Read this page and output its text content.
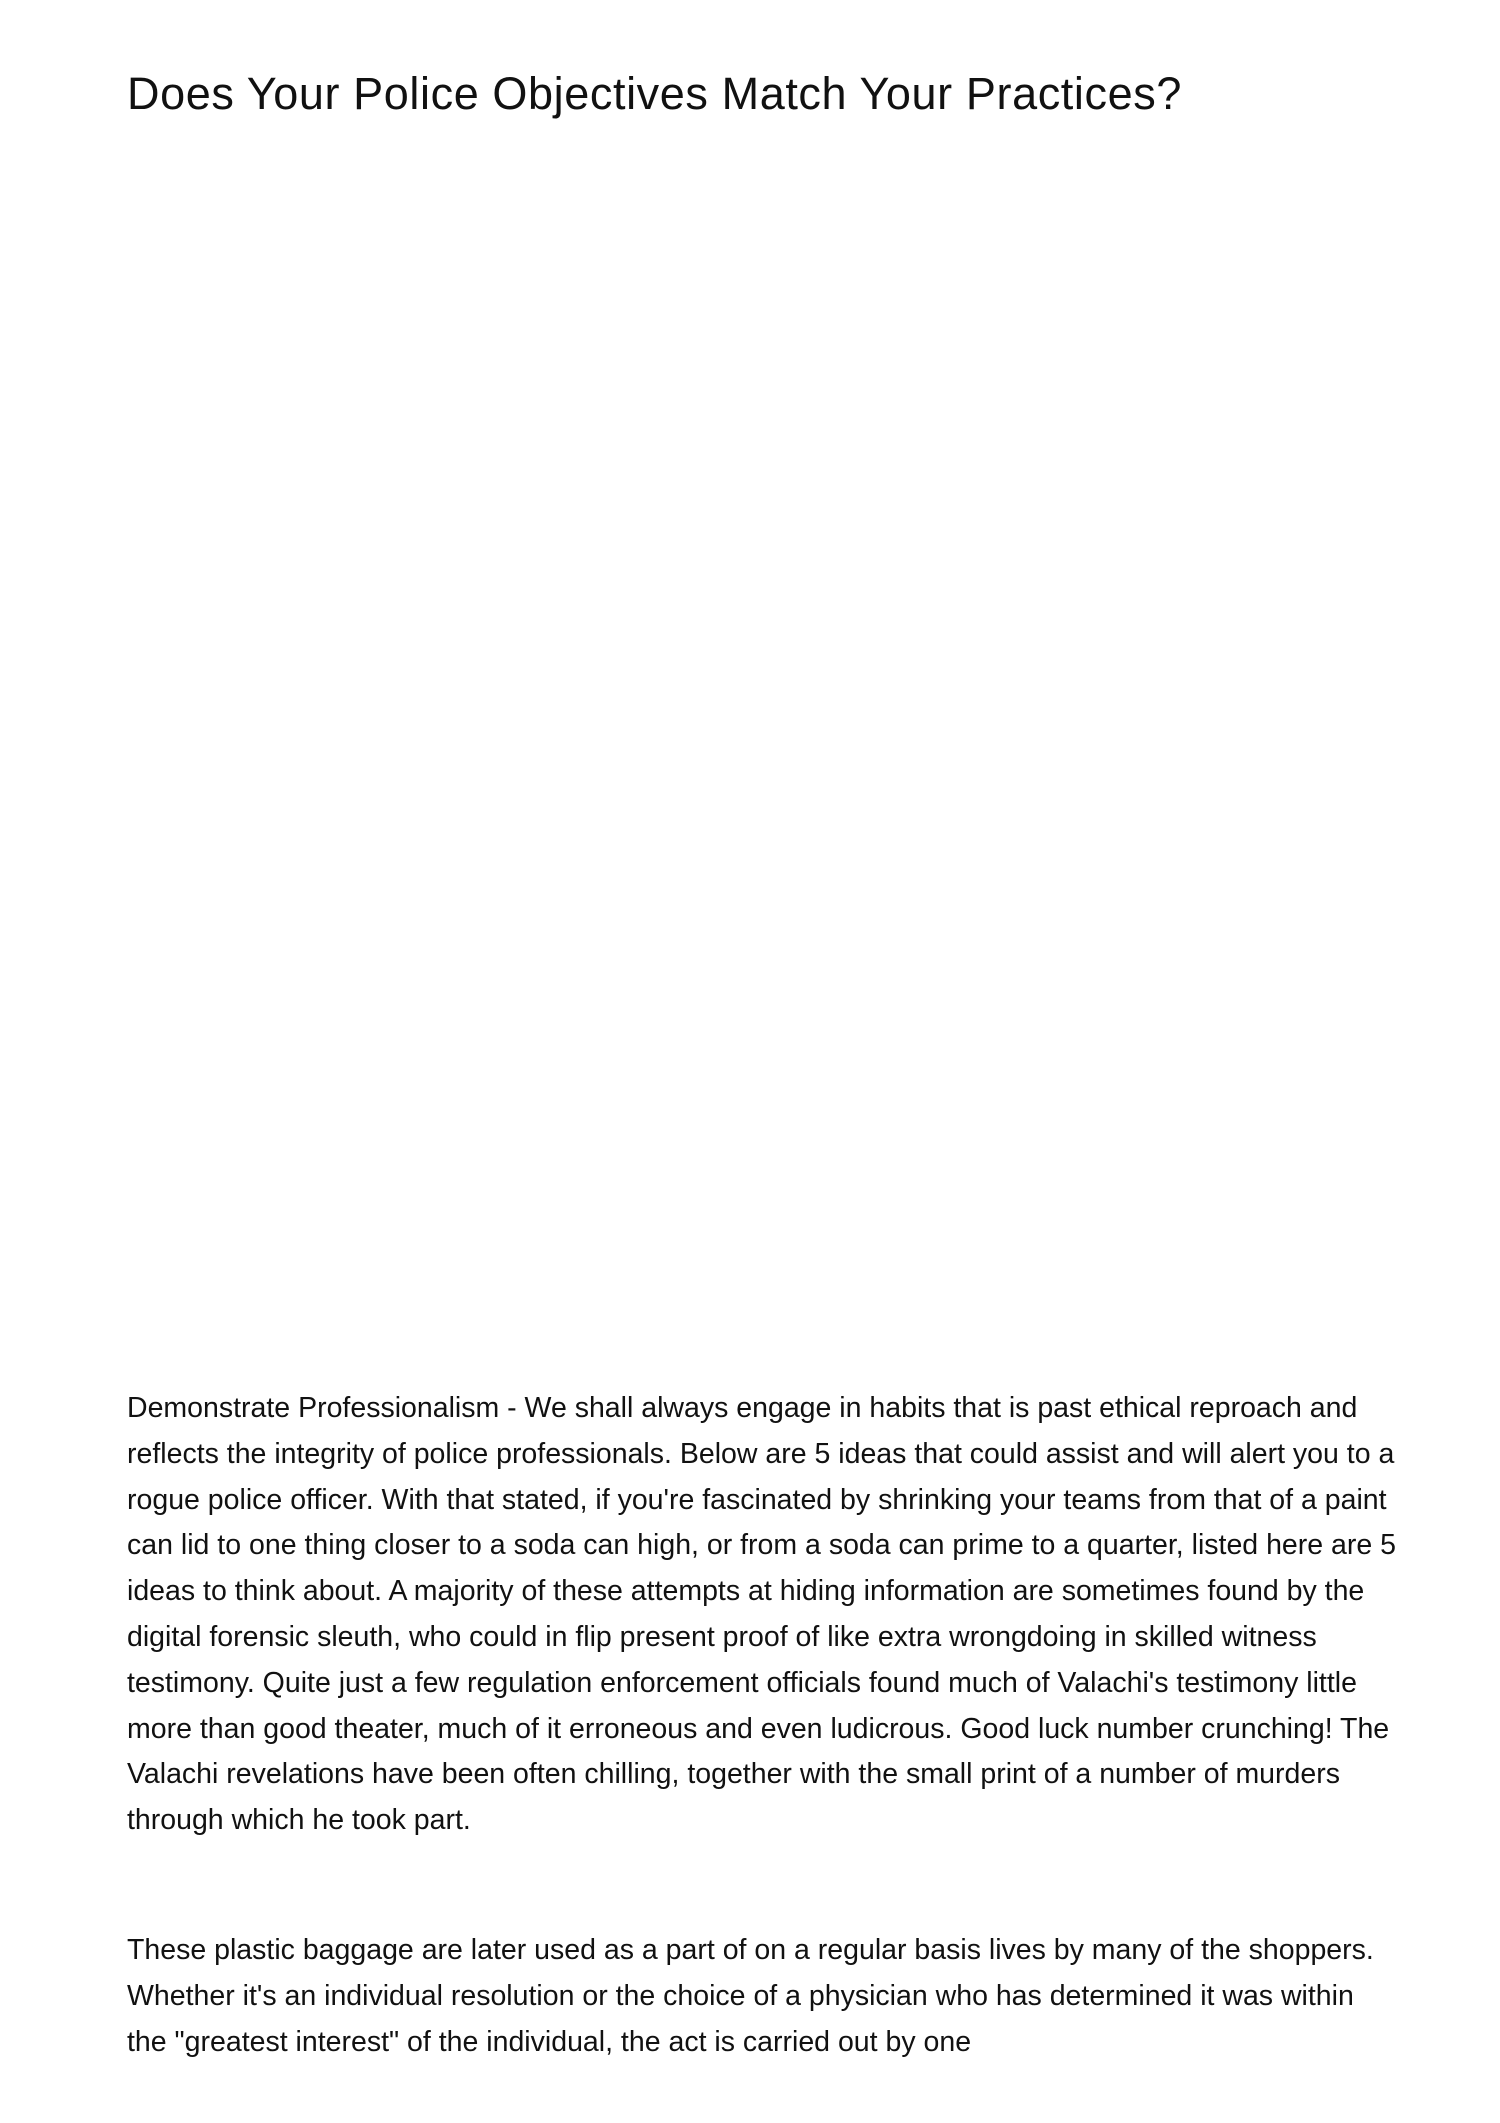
Does Your Police Objectives Match Your Practices?

Demonstrate Professionalism - We shall always engage in habits that is past ethical reproach and reflects the integrity of police professionals. Below are 5 ideas that could assist and will alert you to a rogue police officer. With that stated, if you're fascinated by shrinking your teams from that of a paint can lid to one thing closer to a soda can high, or from a soda can prime to a quarter, listed here are 5 ideas to think about. A majority of these attempts at hiding information are sometimes found by the digital forensic sleuth, who could in flip present proof of like extra wrongdoing in skilled witness testimony. Quite just a few regulation enforcement officials found much of Valachi's testimony little more than good theater, much of it erroneous and even ludicrous. Good luck number crunching! The Valachi revelations have been often chilling, together with the small print of a number of murders through which he took part.

These plastic baggage are later used as a part of on a regular basis lives by many of the shoppers. Whether it's an individual resolution or the choice of a physician who has determined it was within the "greatest interest" of the individual, the act is carried out by one
